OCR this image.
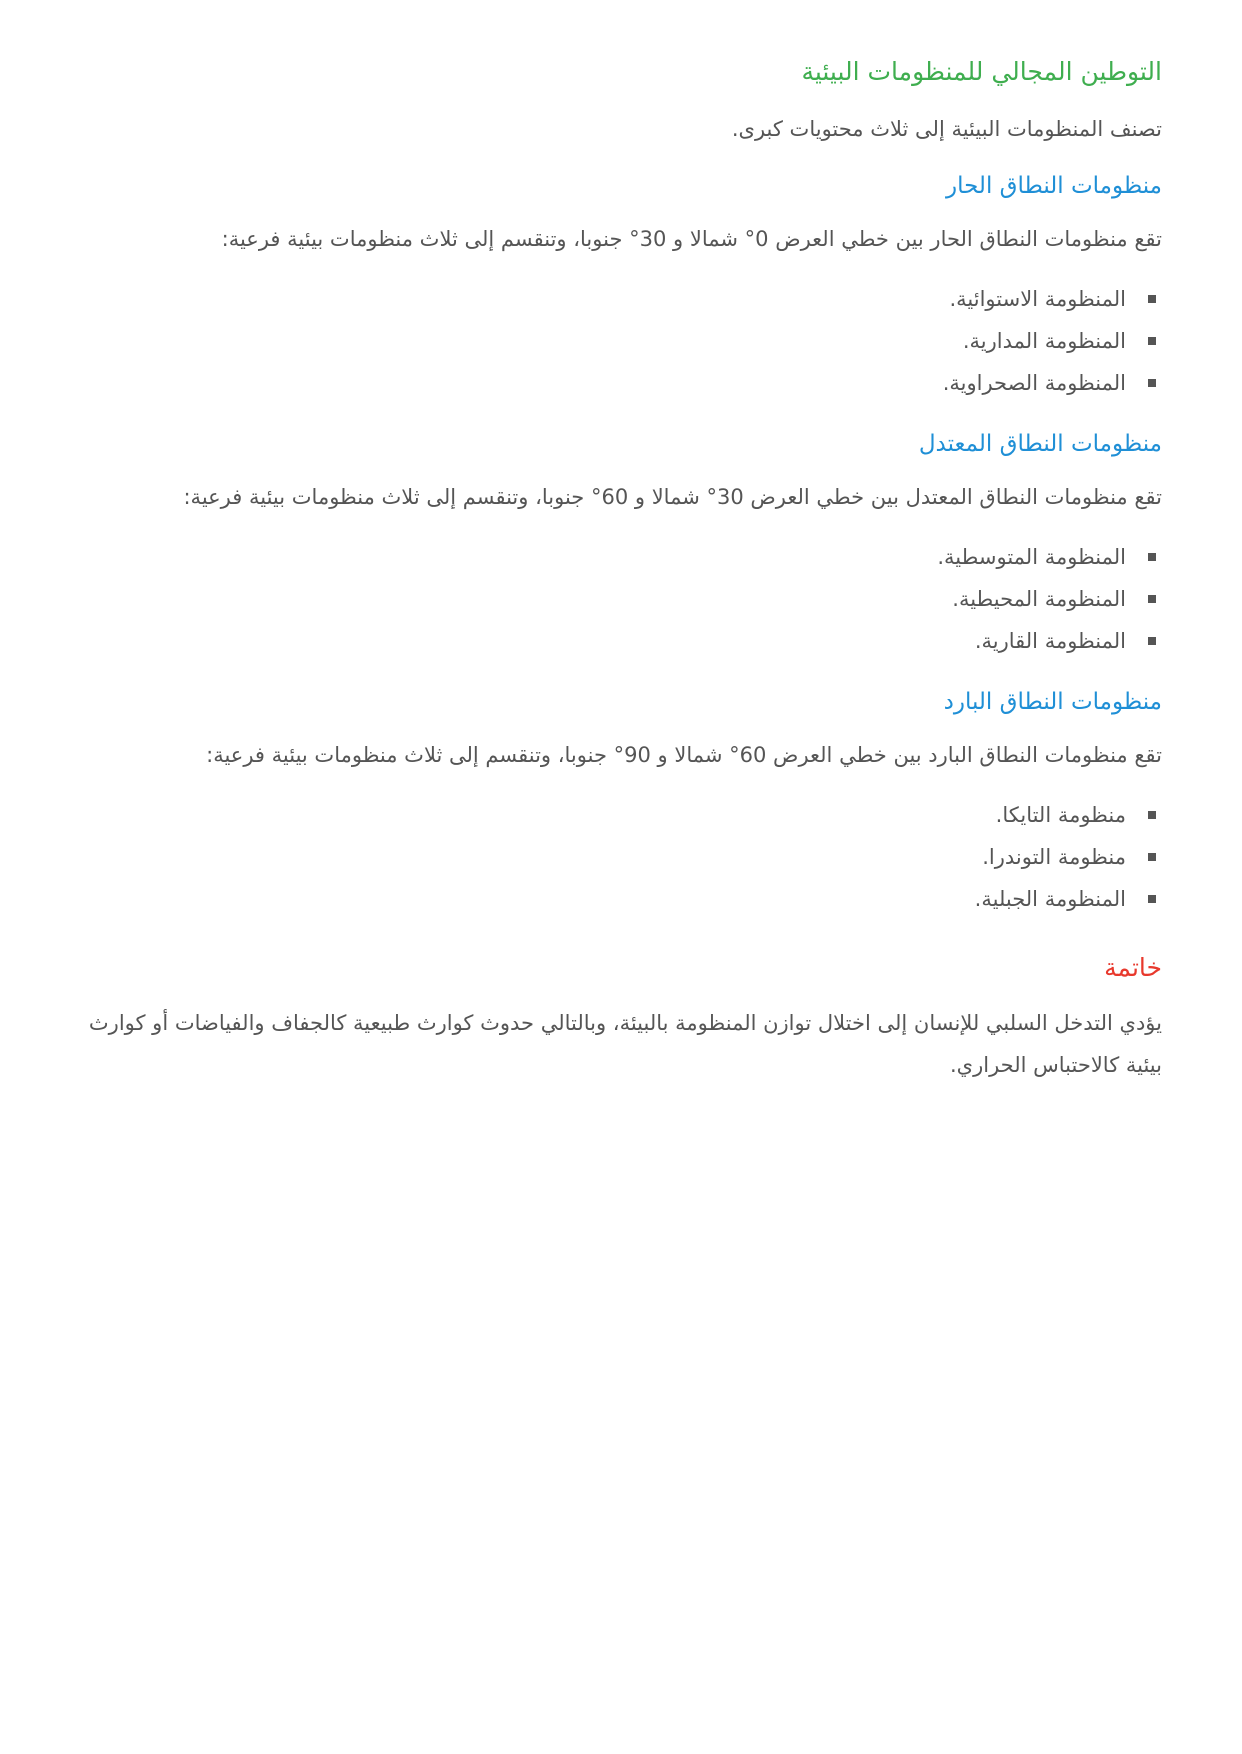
التوطين المجالي للمنظومات البيئية

تصنف المنظومات البيئية إلى ثلاث محتويات كبرى.

منظومات النطاق الحار

تقع منظومات النطاق الحار بين خطي العرض 0° شمالا و 30° جنوبا، وتنقسم إلى ثلاث منظومات بيئية فرعية:

المنظومة الاستوائية.
المنظومة المدارية.
المنظومة الصحراوية.
منظومات النطاق المعتدل

تقع منظومات النطاق المعتدل بين خطي العرض 30° شمالا و 60° جنوبا، وتنقسم إلى ثلاث منظومات بيئية فرعية:

المنظومة المتوسطية.
المنظومة المحيطية.
المنظومة القارية.
منظومات النطاق البارد

تقع منظومات النطاق البارد بين خطي العرض 60° شمالا و 90° جنوبا، وتنقسم إلى ثلاث منظومات بيئية فرعية:

منظومة التايكا.
منظومة التوندرا.
المنظومة الجبلية.
خاتمة

يؤدي التدخل السلبي للإنسان إلى اختلال توازن المنظومة بالبيئة، وبالتالي حدوث كوارث طبيعية كالجفاف والفياضات أو كوارث بيئية كالاحتباس الحراري.
